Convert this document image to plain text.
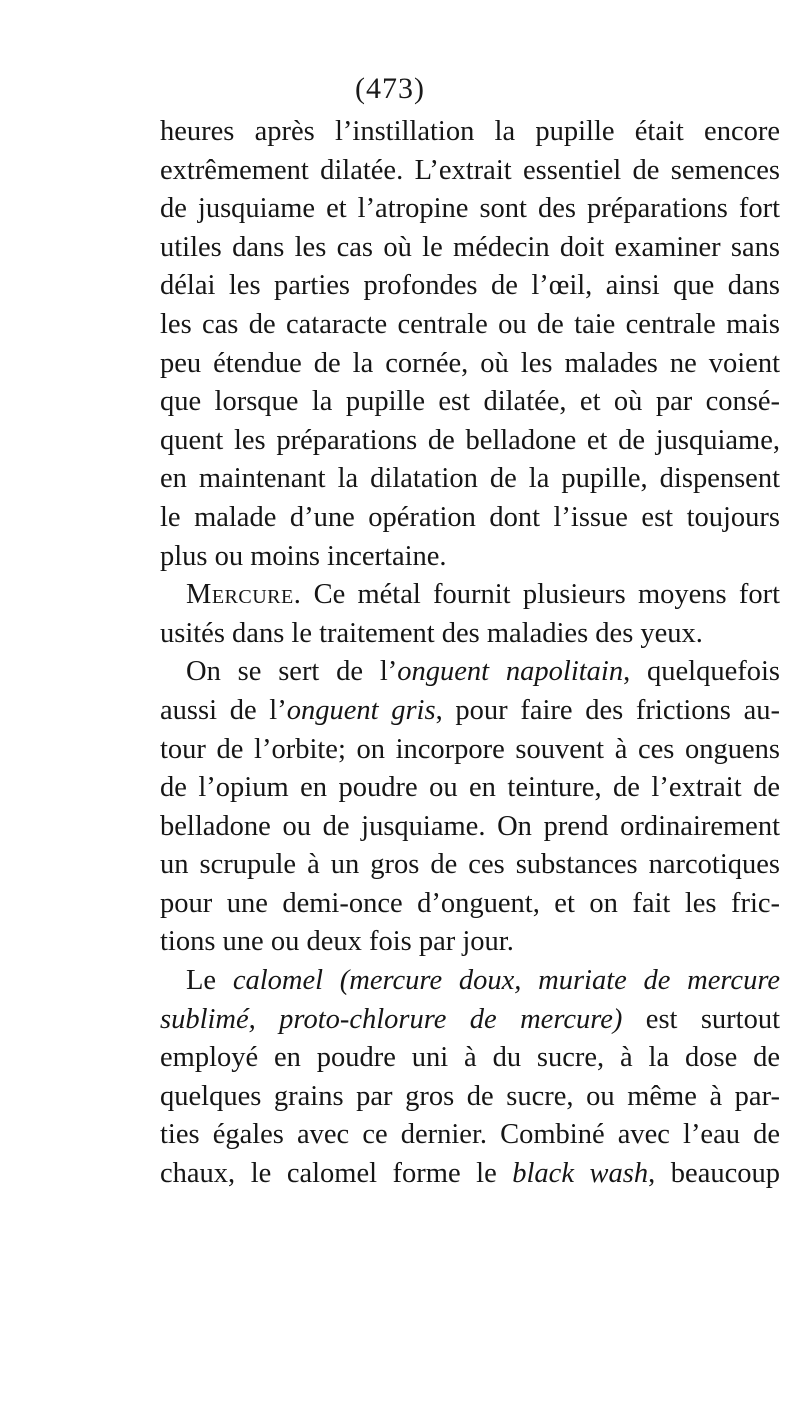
(473)
heures après l’instillation la pupille était encore
extrêmement dilatée. L’extrait essentiel de semences
de jusquiame et l’atropine sont des préparations fort
utiles dans les cas où le médecin doit examiner sans
délai les parties profondes de l’œil, ainsi que dans
les cas de cataracte centrale ou de taie centrale mais
peu étendue de la cornée, où les malades ne voient
que lorsque la pupille est dilatée, et où par consé-
quent les préparations de belladone et de jusquiame,
en maintenant la dilatation de la pupille, dispensent
le malade d’une opération dont l’issue est toujours
plus ou moins incertaine.
Mercure. Ce métal fournit plusieurs moyens fort
usités dans le traitement des maladies des yeux.
On se sert de l’onguent napolitain, quelquefois
aussi de l’onguent gris, pour faire des frictions au-
tour de l’orbite; on incorpore souvent à ces onguens
de l’opium en poudre ou en teinture, de l’extrait de
belladone ou de jusquiame. On prend ordinairement
un scrupule à un gros de ces substances narcotiques
pour une demi-once d’onguent, et on fait les fric-
tions une ou deux fois par jour.
Le calomel (mercure doux, muriate de mercure
sublimé, proto-chlorure de mercure) est surtout
employé en poudre uni à du sucre, à la dose de
quelques grains par gros de sucre, ou même à par-
ties égales avec ce dernier. Combiné avec l’eau de
chaux, le calomel forme le black wash, beaucoup
